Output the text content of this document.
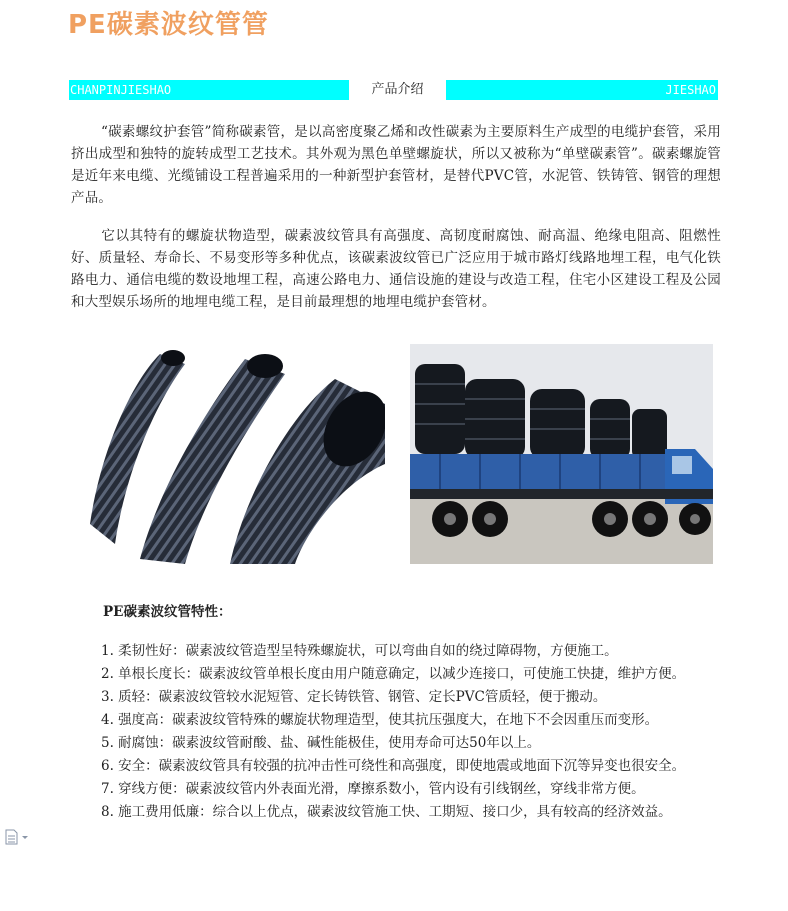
PE碳素波纹管管
CHANPINJIESHAO	产品介绍	JIESHAO

“碳素螺纹护套管”简称碳素管，是以高密度聚乙烯和改性碳素为主要原料生产成型的电缆护套管，采用挤出成型和独特的旋转成型工艺技术。其外观为黑色单壁螺旋状，所以又被称为“单壁碳素管”。碳素螺旋管是近年来电缆、光缆铺设工程普遍采用的一种新型护套管材，是替代PVC管，水泥管、铁铸管、钢管的理想产品。

它以其特有的螺旋状物造型，碳素波纹管具有高强度、高韧度耐腐蚀、耐高温、绝缘电阻高、阻燃性好、质量轻、寿命长、不易变形等多种优点，该碳素波纹管已广泛应用于城市路灯线路地埋工程，电气化铁路电力、通信电缆的数设地埋工程，高速公路电力、通信设施的建设与改造工程，住宅小区建设工程及公园和大型娱乐场所的地埋电缆工程，是目前最理想的地埋电缆护套管材。

PE碳素波纹管特性：
1. 柔韧性好：碳素波纹管造型呈特殊螺旋状，可以弯曲自如的绕过障碍物，方便施工。
2. 单根长度长：碳素波纹管单根长度由用户随意确定，以减少连接口，可使施工快捷，维护方便。
3. 质轻：碳素波纹管较水泥短管、定长铸铁管、钢管、定长PVC管质轻，便于搬动。
4. 强度高：碳素波纹管特殊的螺旋状物理造型，使其抗压强度大，在地下不会因重压而变形。
5. 耐腐蚀：碳素波纹管耐酸、盐、碱性能极佳，使用寿命可达50年以上。
6. 安全：碳素波纹管具有较强的抗冲击性可绕性和高强度，即使地震或地面下沉等异变也很安全。
7. 穿线方便：碳素波纹管内外表面光滑，摩擦系数小，管内设有引线钢丝，穿线非常方便。
8. 施工费用低廉：综合以上优点，碳素波纹管施工快、工期短、接口少，具有较高的经济效益。
